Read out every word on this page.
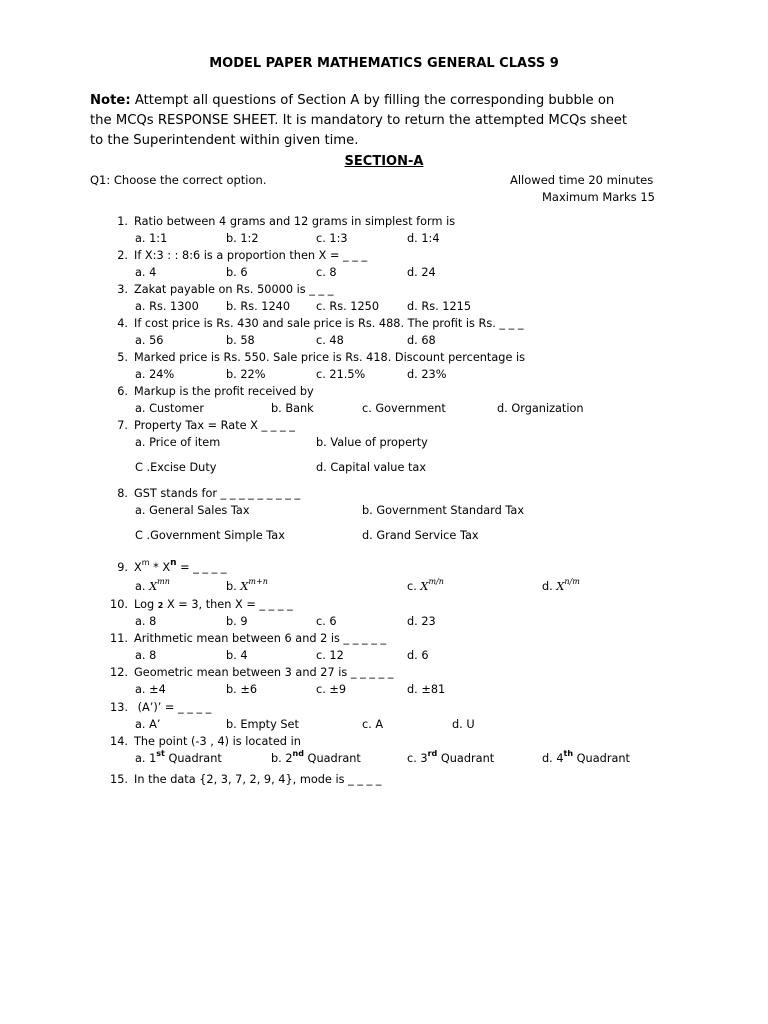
MODEL PAPER MATHEMATICS GENERAL CLASS 9
Note: Attempt all questions of Section A by filling the corresponding bubble on
the MCQs RESPONSE SHEET. It is mandatory to return the attempted MCQs sheet
to the Superintendent within given time.
SECTION-A
Q1: Choose the correct option.	Allowed time 20 minutes
Maximum Marks 15
1. Ratio between 4 grams and 12 grams in simplest form is
a. 1:1	b. 1:2	c. 1:3	d. 1:4
2. If X:3 : : 8:6 is a proportion then X = _ _ _
a. 4	b. 6	c. 8	d. 24
3. Zakat payable on Rs. 50000 is _ _ _
a. Rs. 1300 b. Rs. 1240 c. Rs. 1250 d. Rs. 1215
4. If cost price is Rs. 430 and sale price is Rs. 488. The profit is Rs. _ _ _
a. 56	b. 58	c. 48	d. 68
5. Marked price is Rs. 550. Sale price is Rs. 418. Discount percentage is
a. 24%	b. 22%	c. 21.5%	d. 23%
6. Markup is the profit received by
a. Customer	b. Bank	c. Government	d. Organization
7. Property Tax = Rate X _ _ _ _
a. Price of item	b. Value of property
C .Excise Duty	d. Capital value tax
8. GST stands for _ _ _ _ _ _ _ _ _
a. General Sales Tax	b. Government Standard Tax
C .Government Simple Tax	d. Grand Service Tax
9. $X^m * X^n$ = _ _ _ _
a. $X^{mn}$	b. $X^{m+n}$	c. $X^{m/n}$	d. $X^{n/m}$
10. Log 2 X = 3, then X = _ _ _ _
a. 8	b. 9	c. 6	d. 23
11. Arithmetic mean between 6 and 2 is _ _ _ _ _
a. 8	b. 4	c. 12	d. 6
12. Geometric mean between 3 and 27 is _ _ _ _ _
a. ±4	b. ±6	c. ±9	d. ±81
13. (A’)’ = _ _ _ _
a. A’	b. Empty Set	c. A	d. U
14. The point (-3 , 4) is located in
a. 1st Quadrant	b. 2nd Quadrant	c. 3rd Quadrant	d. 4th Quadrant
15. In the data {2, 3, 7, 2, 9, 4}, mode is _ _ _ _
